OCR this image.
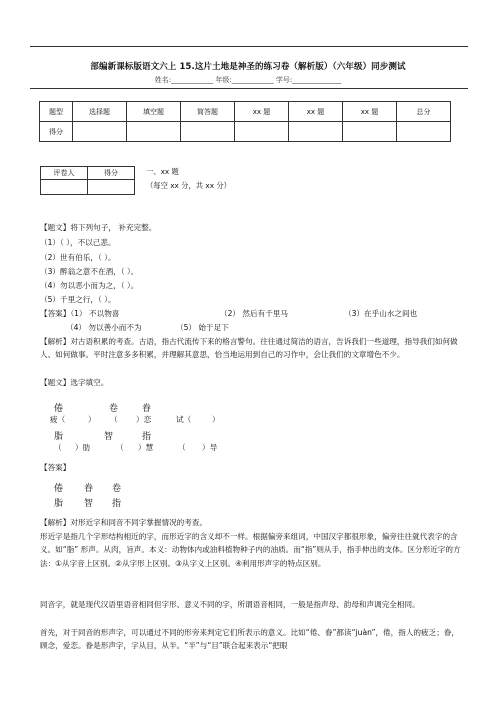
部编新课标版语文六上 15.这片土地是神圣的练习卷（解析版）（六年级）同步测试
姓名:____________ 年级:____________ 学号:______________
题型	选择题	填空题	简答题	xx 题	xx 题	xx 题	总分
得分							
评卷人	得分
		一、xx 题
（每空 xx 分，共 xx 分）
【题文】将下列句子， 补充完整。
（1）（ ），不以己悲。
（2）世有伯乐，（ ）。
（3）醉翁之意不在酒，（ ）。
（4）勿以恶小而为之，（ ）。
（5）千里之行，（ ）。
【答案】（1） 不以物喜	（2） 然后有千里马	（3）在乎山水之间也
（4） 勿以善小而不为	（5） 始于足下
【解析】对古语积累的考查。古语，指古代流传下来的格言警句。往往通过简洁的语言，告诉我们一些道理，指导我们如何做人、如何做事。平时注意多多积累，并理解其意思，恰当地运用到自己的习作中，会让我们的文章增色不少。
【题文】选字填空。
倦	卷	眷
疲（	） （ ）恋	试（	）
脂	智	指
（ ）肪	（ ）慧	（ ）导
【答案】
倦 眷 卷
脂 智 指
【解析】对形近字和同音不同字掌握情况的考查。
形近字是指几个字形结构相近的字，而形近字的含义却不一样。根据偏旁来组词，中国汉字都很形象，偏旁往往就代表字的含义。如“脂” 形声。从肉，旨声。本义：动物体内或油料植物种子内的油质。而“指”则从手，指手伸出的支体。区分形近字的方法：①从字音上区别。②从字形上区别。③从字义上区别。④利用形声字的特点区别。
同音字，就是现代汉语里语音相同但字形、意义不同的字，所谓语音相同，一般是指声母、韵母和声调完全相同。
首先，对于同音的形声字，可以通过不同的形旁来判定它们所表示的意义。比如“倦、眷”都读“juàn”，倦，指人的疲乏；眷，顾念，爱恋。眷是形声字，字从目，从半。“半”与“目”联合起来表示“把眼
